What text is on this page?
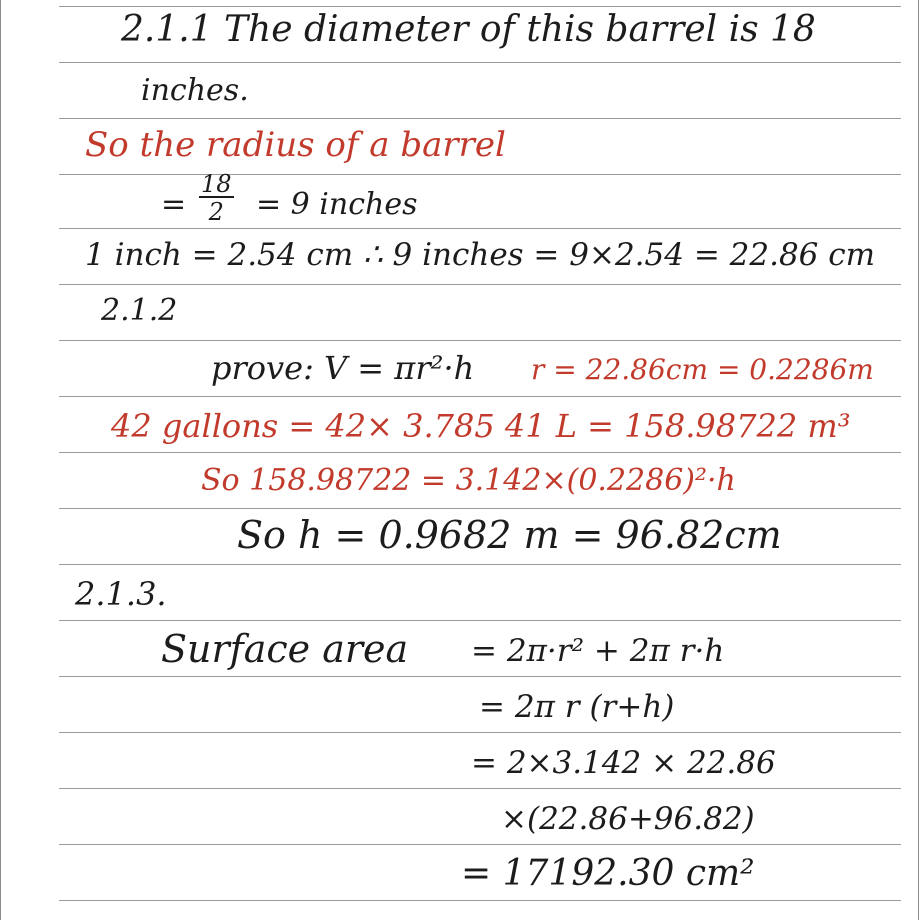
2.1.1 The diameter of this barrel is 18
inches.
So the radius of a barrel
= $\frac{18}{2} = 9$ inches
1 inch = 2.54 cm ∴ 9 inches = 9×2.54 = 22.86 cm
2.1.2
prove: V = πr²·h r = 22.86cm = 0.2286m
42 gallons = 42× 3.785 41 L = 158.98722 m³
So 158.98722 = 3.142×(0.2286)²·h
So h = 0.9682 m = 96.82cm
2.1.3.
Surface area = 2π·r² + 2π r·h
= 2π r (r+h)
= 2×3.142 × 22.86
×(22.86+96.82)
= 17192.30 cm²
